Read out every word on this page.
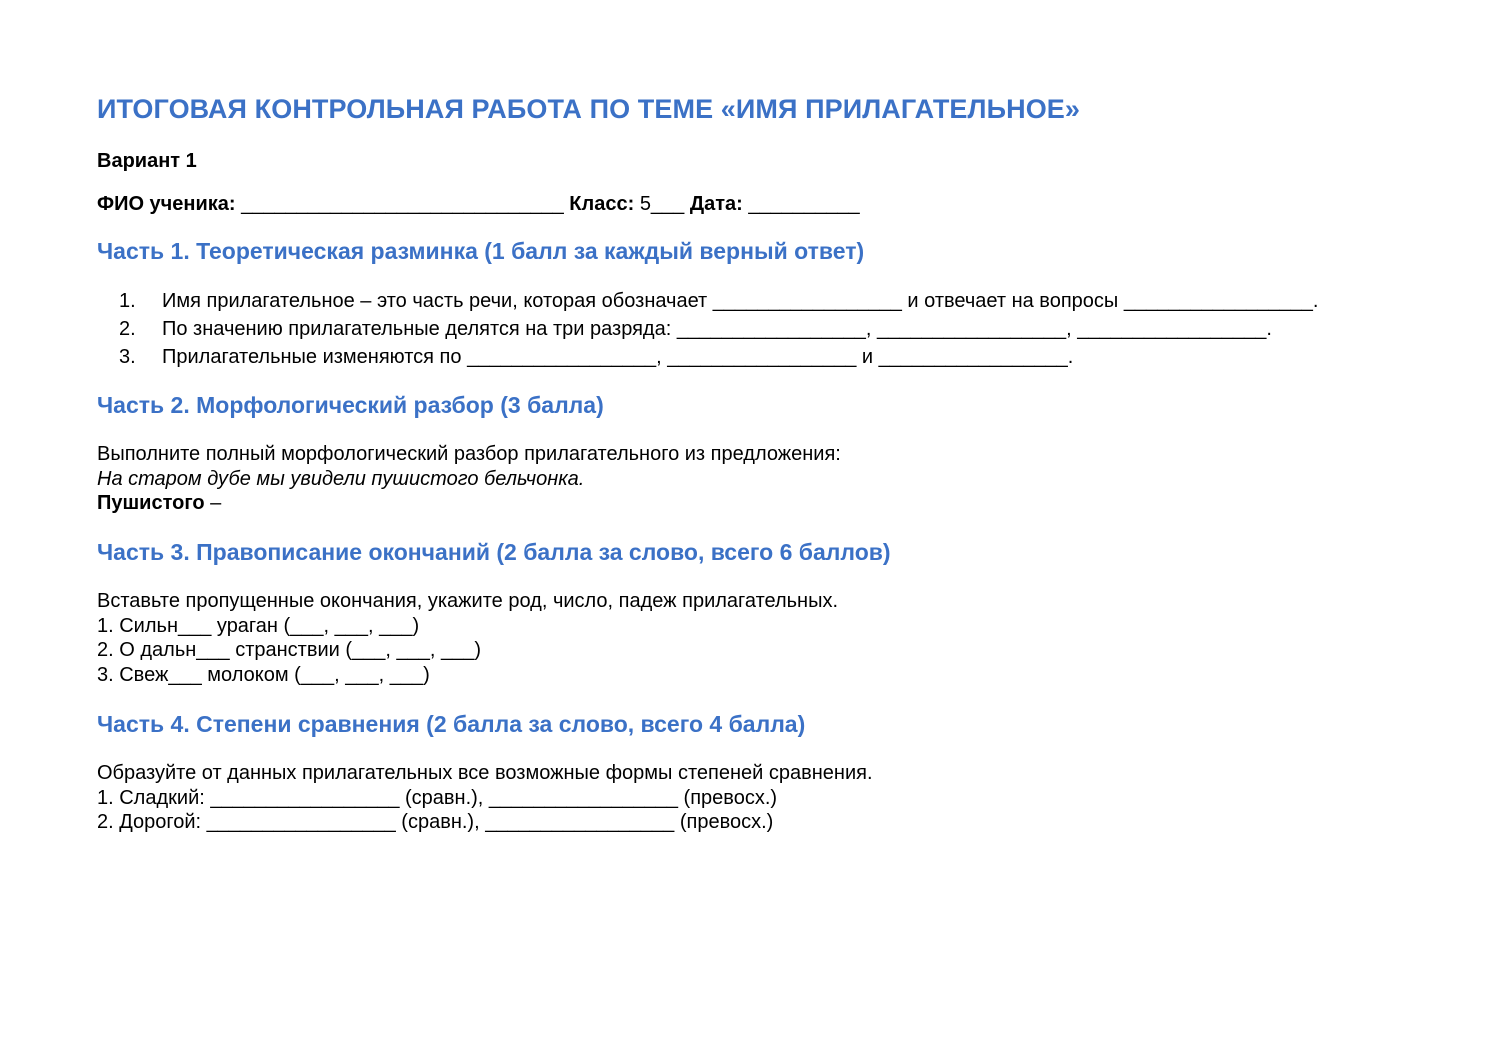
ИТОГОВАЯ КОНТРОЛЬНАЯ РАБОТА ПО ТЕМЕ «ИМЯ ПРИЛАГАТЕЛЬНОЕ»
Вариант 1
ФИО ученика: _____________________________ Класс: 5___ Дата: __________
Часть 1. Теоретическая разминка (1 балл за каждый верный ответ)
1. Имя прилагательное – это часть речи, которая обозначает _________________ и отвечает на вопросы _________________.
2. По значению прилагательные делятся на три разряда: _________________, _________________, _________________.
3. Прилагательные изменяются по _________________, _________________ и _________________.
Часть 2. Морфологический разбор (3 балла)
Выполните полный морфологический разбор прилагательного из предложения:
На старом дубе мы увидели пушистого бельчонка.
Пушистого –
Часть 3. Правописание окончаний (2 балла за слово, всего 6 баллов)
Вставьте пропущенные окончания, укажите род, число, падеж прилагательных.
1. Сильн___ ураган (___, ___, ___)
2. О дальн___ странствии (___, ___, ___)
3. Свеж___ молоком (___, ___, ___)
Часть 4. Степени сравнения (2 балла за слово, всего 4 балла)
Образуйте от данных прилагательных все возможные формы степеней сравнения.
1. Сладкий: _________________ (сравн.), _________________ (превосх.)
2. Дорогой: _________________ (сравн.), _________________ (превосх.)
